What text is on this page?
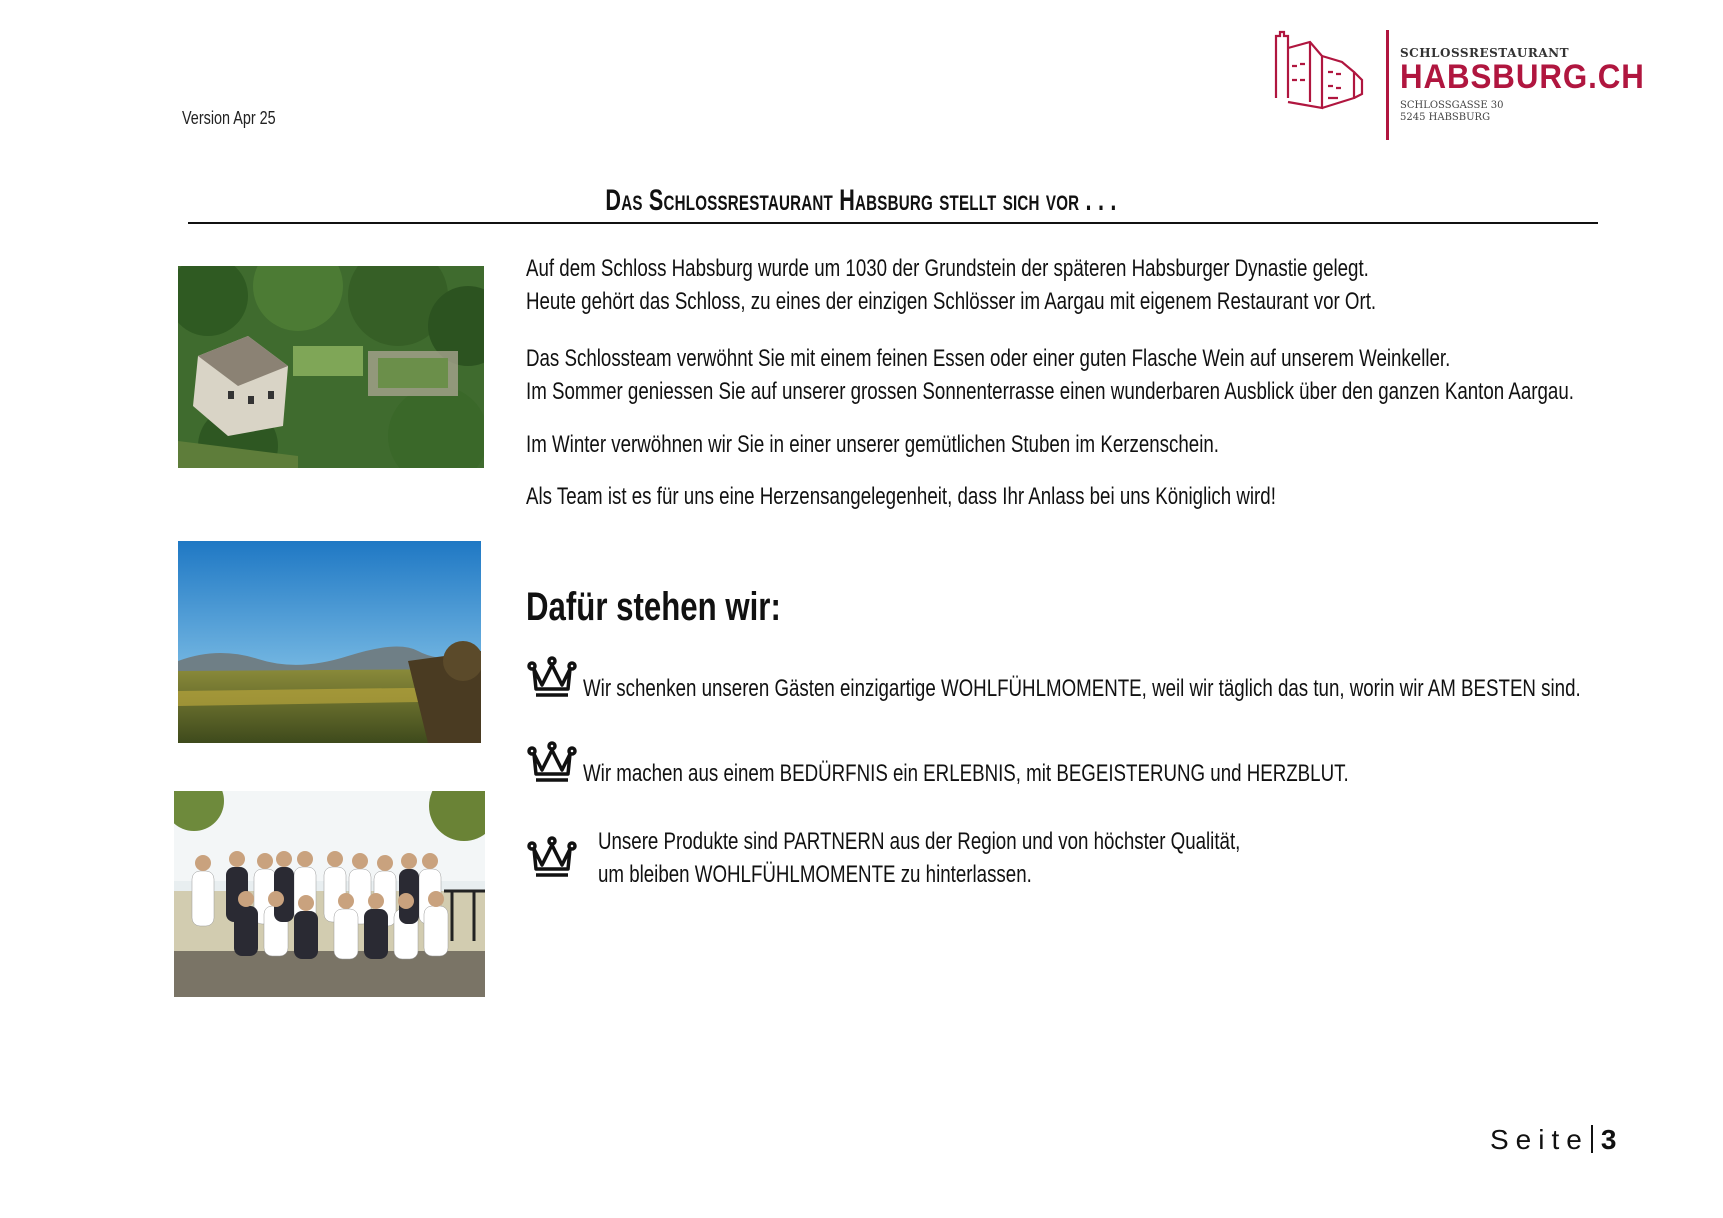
Version Apr 25
SCHLOSSRESTAURANT
HABSBURG.CH
SCHLOSSGASSE 30
5245 HABSBURG
Das Schlossrestaurant Habsburg stellt sich vor . . .
Auf dem Schloss Habsburg wurde um 1030 der Grundstein der späteren Habsburger Dynastie gelegt.
Heute gehört das Schloss, zu eines der einzigen Schlösser im Aargau mit eigenem Restaurant vor Ort.
Das Schlossteam verwöhnt Sie mit einem feinen Essen oder einer guten Flasche Wein auf unserem Weinkeller.
Im Sommer geniessen Sie auf unserer grossen Sonnenterrasse einen wunderbaren Ausblick über den ganzen Kanton Aargau.
Im Winter verwöhnen wir Sie in einer unserer gemütlichen Stuben im Kerzenschein.
Als Team ist es für uns eine Herzensangelegenheit, dass Ihr Anlass bei uns Königlich wird!
Dafür stehen wir:
Wir schenken unseren Gästen einzigartige WOHLFÜHLMOMENTE, weil wir täglich das tun, worin wir AM BESTEN sind.
Wir machen aus einem BEDÜRFNIS ein ERLEBNIS, mit BEGEISTERUNG und HERZBLUT.
Unsere Produkte sind PARTNERN aus der Region und von höchster Qualität,
um bleiben WOHLFÜHLMOMENTE zu hinterlassen.
Seite 3
